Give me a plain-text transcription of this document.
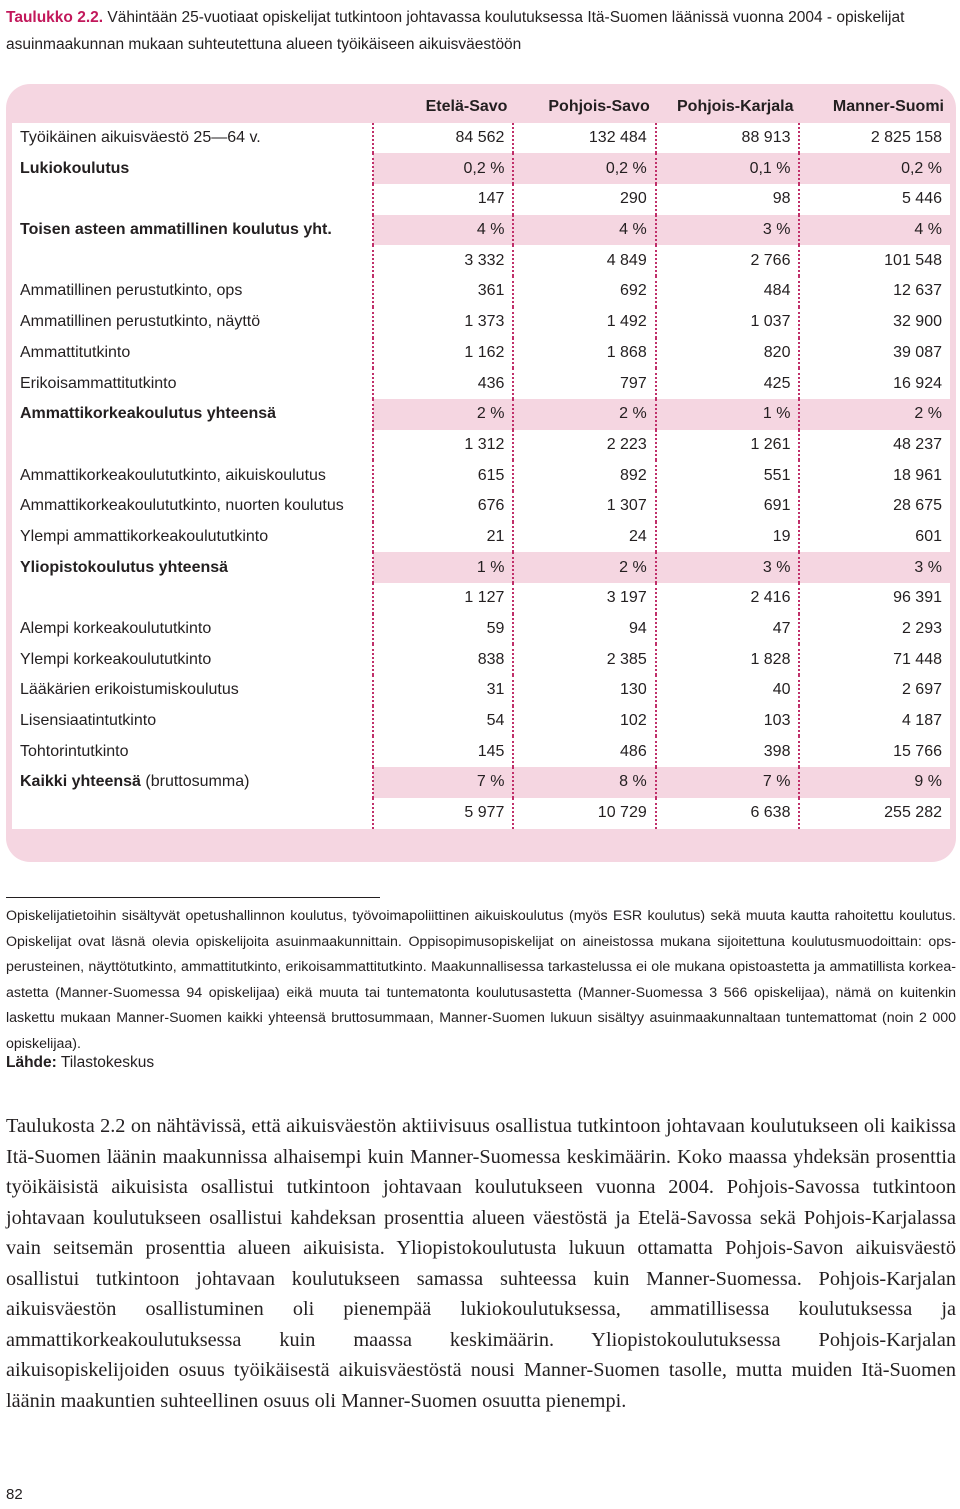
Taulukko 2.2. Vähintään 25-vuotiaat opiskelijat tutkintoon johtavassa koulutuksessa Itä-Suomen läänissä vuonna 2004 - opiskelijat asuinmaakunnan mukaan suhteutettuna alueen työikäiseen aikuisväestöön

	Etelä-Savo	Pohjois-Savo	Pohjois-Karjala	Manner-Suomi
Työikäinen aikuisväestö 25—64 v.	84 562	132 484	88 913	2 825 158
Lukiokoulutus	0,2 %	0,2 %	0,1 %	0,2 %
	147	290	98	5 446
Toisen asteen ammatillinen koulutus yht.	4 %	4 %	3 %	4 %
	3 332	4 849	2 766	101 548
Ammatillinen perustutkinto, ops	361	692	484	12 637
Ammatillinen perustutkinto, näyttö	1 373	1 492	1 037	32 900
Ammattitutkinto	1 162	1 868	820	39 087
Erikoisammattitutkinto	436	797	425	16 924
Ammattikorkeakoulutus yhteensä	2 %	2 %	1 %	2 %
	1 312	2 223	1 261	48 237
Ammattikorkeakoulututkinto, aikuiskoulutus	615	892	551	18 961
Ammattikorkeakoulututkinto, nuorten koulutus	676	1 307	691	28 675
Ylempi ammattikorkeakoulututkinto	21	24	19	601
Yliopistokoulutus yhteensä	1 %	2 %	3 %	3 %
	1 127	3 197	2 416	96 391
Alempi korkeakoulututkinto	59	94	47	2 293
Ylempi korkeakoulututkinto	838	2 385	1 828	71 448
Lääkärien erikoistumiskoulutus	31	130	40	2 697
Lisensiaatintutkinto	54	102	103	4 187
Tohtorintutkinto	145	486	398	15 766
Kaikki yhteensä (bruttosumma)	7 %	8 %	7 %	9 %
	5 977	10 729	6 638	255 282
Opiskelijatietoihin sisältyvät opetushallinnon koulutus, työvoimapoliittinen aikuiskoulutus (myös ESR koulutus) sekä muuta kautta rahoitettu koulutus. Opiskelijat ovat läsnä olevia opiskelijoita asuinmaakunnittain. Oppisopimusopiskelijat on aineistossa mukana sijoitettuna koulutusmuodoittain: ops-perusteinen, näyttötutkinto, ammattitutkinto, erikoisammattitutkinto. Maakunnallisessa tarkastelussa ei ole mukana opistoastetta ja ammatillista korkea-astetta (Manner-Suomessa 94 opiskelijaa) eikä muuta tai tuntematonta koulutusastetta (Manner-Suomessa 3 566 opiskelijaa), nämä on kuitenkin laskettu mukaan Manner-Suomen kaikki yhteensä bruttosummaan, Manner-Suomen lukuun sisältyy asuinmaakunnaltaan tuntemattomat (noin 2 000 opiskelijaa).
Lähde: Tilastokeskus
Taulukosta 2.2 on nähtävissä, että aikuisväestön aktiivisuus osallistua tutkintoon johtavaan koulutukseen oli kaikissa Itä-Suomen läänin maakunnissa alhaisempi kuin Manner-Suomessa keskimäärin. Koko maassa yhdeksän prosenttia työikäisistä aikuisista osallistui tutkintoon johtavaan koulutukseen vuonna 2004. Pohjois-Savossa tutkintoon johtavaan koulutukseen osallistui kahdeksan prosenttia alueen väestöstä ja Etelä-Savossa sekä Pohjois-Karjalassa vain seitsemän prosenttia alueen aikuisista. Yliopistokoulutusta lukuun ottamatta Pohjois-Savon aikuisväestö osallistui tutkintoon johtavaan koulutukseen samassa suhteessa kuin Manner-Suomessa. Pohjois-Karjalan aikuisväestön osallistuminen oli pienempää lukiokoulutuksessa, ammatillisessa koulutuksessa ja ammattikorkeakoulutuksessa kuin maassa keskimäärin. Yliopistokoulutuksessa Pohjois-Karjalan aikuisopiskelijoiden osuus työikäisestä aikuisväestöstä nousi Manner-Suomen tasolle, mutta muiden Itä-Suomen läänin maakuntien suhteellinen osuus oli Manner-Suomen osuutta pienempi.
82
